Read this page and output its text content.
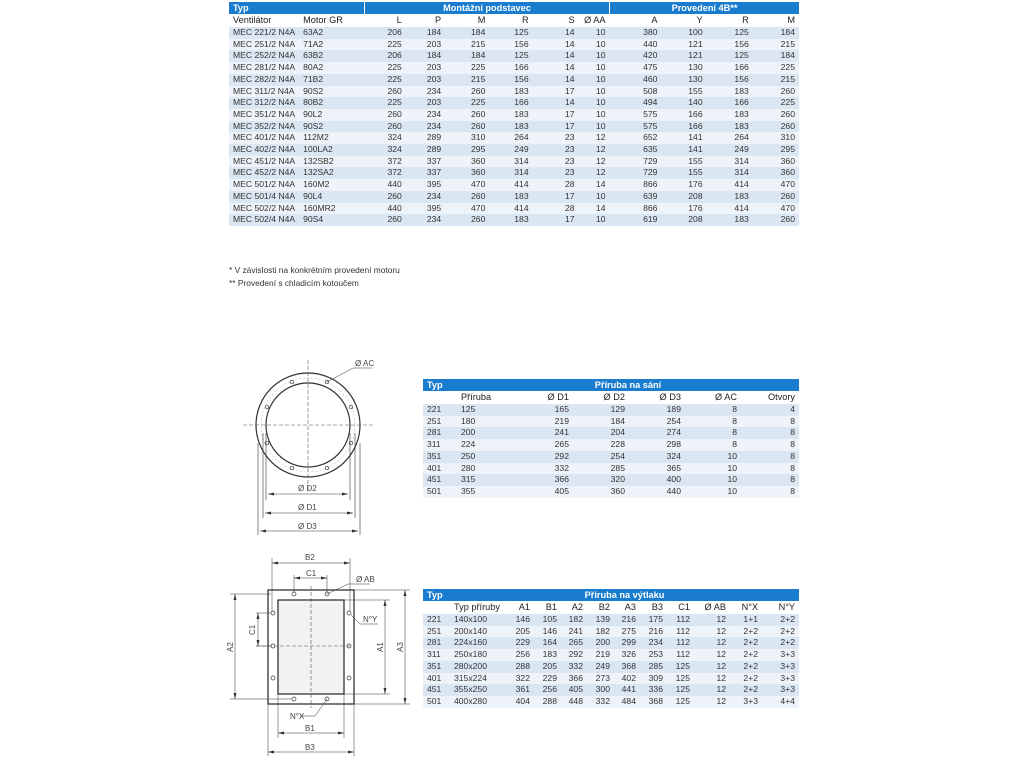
Typ		Montážní podstavec						Provedení 4B**			
Ventilátor	Motor GR	L	P	M	R	S	Ø AA	A	Y	R	M
MEC 221/2 N4A	63A2	206	184	184	125	14	10	380	100	125	184
MEC 251/2 N4A	71A2	225	203	215	156	14	10	440	121	156	215
MEC 252/2 N4A	63B2	206	184	184	125	14	10	420	121	125	184
MEC 281/2 N4A	80A2	225	203	225	166	14	10	475	130	166	225
MEC 282/2 N4A	71B2	225	203	215	156	14	10	460	130	156	215
MEC 311/2 N4A	90S2	260	234	260	183	17	10	508	155	183	260
MEC 312/2 N4A	80B2	225	203	225	166	14	10	494	140	166	225
MEC 351/2 N4A	90L2	260	234	260	183	17	10	575	166	183	260
MEC 352/2 N4A	90S2	260	234	260	183	17	10	575	166	183	260
MEC 401/2 N4A	112M2	324	289	310	264	23	12	652	141	264	310
MEC 402/2 N4A	100LA2	324	289	295	249	23	12	635	141	249	295
MEC 451/2 N4A	132SB2	372	337	360	314	23	12	729	155	314	360
MEC 452/2 N4A	132SA2	372	337	360	314	23	12	729	155	314	360
MEC 501/2 N4A	160M2	440	395	470	414	28	14	866	176	414	470
MEC 501/4 N4A	90L4	260	234	260	183	17	10	639	208	183	260
MEC 502/2 N4A	160MR2	440	395	470	414	28	14	866	176	414	470
MEC 502/4 N4A	90S4	260	234	260	183	17	10	619	208	183	260
* V závislosti na konkrétním provedení motoru
** Provedení s chladicím kotoučem
Ø AC
Ø D2
Ø D1
Ø D3
Typ	Příruba na sání					
	Příruba	Ø D1	Ø D2	Ø D3	Ø AC	Otvory
221	125	165	129	189	8	4
251	180	219	184	254	8	8
281	200	241	204	274	8	8
311	224	265	228	298	8	8
351	250	292	254	324	10	8
401	280	332	285	365	10	8
451	315	366	320	400	10	8
501	355	405	360	440	10	8
B2
C1
Ø AB
C1
N°Y
A2	A1 A3
N°X
B1
B3
Typ	Příruba na výtlaku										
	Typ příruby	A1	B1	A2	B2	A3	B3	C1	Ø AB	N°X	N°Y
221	140x100	146	105	182	139	216	175	112	12	1+1	2+2
251	200x140	205	146	241	182	275	216	112	12	2+2	2+2
281	224x160	229	164	265	200	299	234	112	12	2+2	2+2
311	250x180	256	183	292	219	326	253	112	12	2+2	3+3
351	280x200	288	205	332	249	368	285	125	12	2+2	3+3
401	315x224	322	229	366	273	402	309	125	12	2+2	3+3
451	355x250	361	256	405	300	441	336	125	12	2+2	3+3
501	400x280	404	288	448	332	484	368	125	12	3+3	4+4
